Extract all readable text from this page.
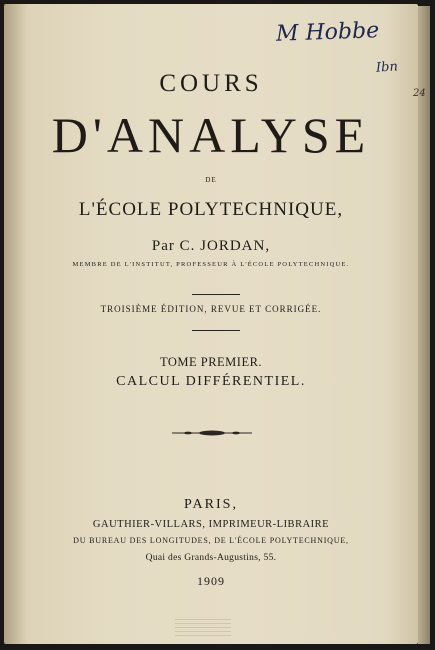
M Hobbe
Ibn
24
COURS
D'ANALYSE
DE
L'ÉCOLE POLYTECHNIQUE,
Par C. JORDAN,
MEMBRE DE L'INSTITUT, PROFESSEUR À L'ÉCOLE POLYTECHNIQUE.
TROISIÈME ÉDITION, REVUE ET CORRIGÉE.
TOME PREMIER.
CALCUL DIFFÉRENTIEL.
PARIS,
GAUTHIER-VILLARS, IMPRIMEUR-LIBRAIRE
DU BUREAU DES LONGITUDES, DE L'ÉCOLE POLYTECHNIQUE,
Quai des Grands-Augustins, 55.
1909
